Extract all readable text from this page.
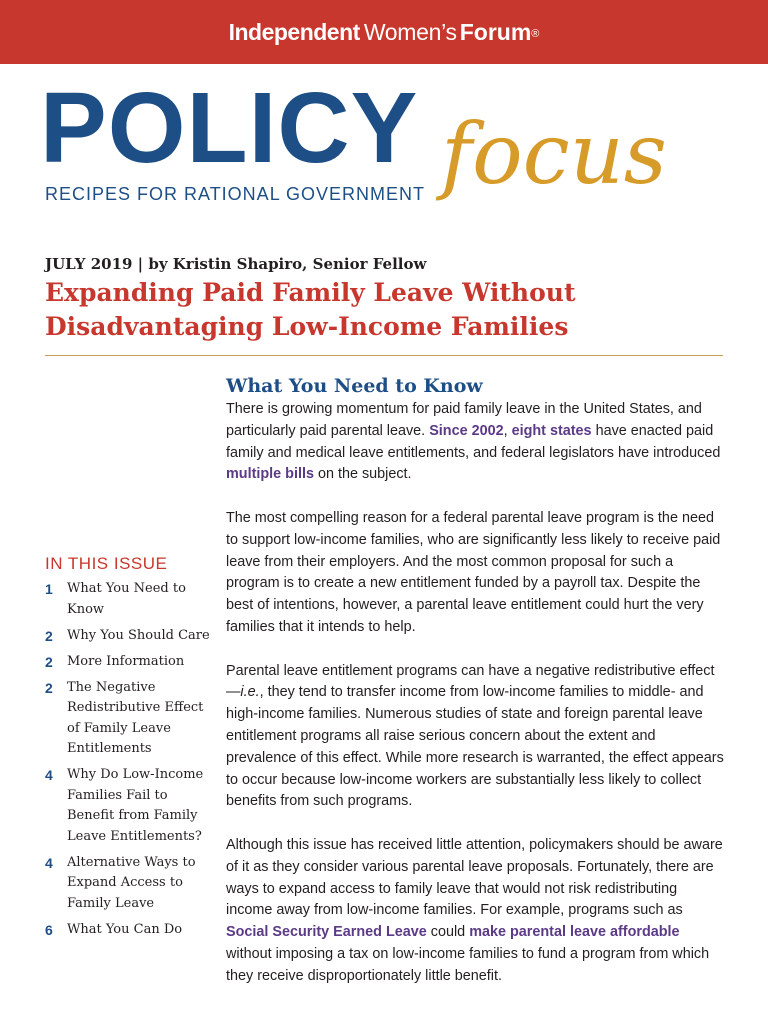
Independent Women’s Forum®
POLICY focus
RECIPES FOR RATIONAL GOVERNMENT
JULY 2019 | by Kristin Shapiro, Senior Fellow
Expanding Paid Family Leave Without Disadvantaging Low-Income Families
IN THIS ISSUE
1	What You Need to Know
2	Why You Should Care
2	More Information
2	The Negative Redistributive Effect of Family Leave Entitlements
4	Why Do Low-Income Families Fail to Benefit from Family Leave Entitlements?
4	Alternative Ways to Expand Access to Family Leave
6	What You Can Do
What You Need to Know

There is growing momentum for paid family leave in the United States, and particularly paid parental leave. Since 2002, eight states have enacted paid family and medical leave entitlements, and federal legislators have introduced multiple bills on the subject.

The most compelling reason for a federal parental leave program is the need to support low-income families, who are significantly less likely to receive paid leave from their employers. And the most common proposal for such a program is to create a new entitlement funded by a payroll tax. Despite the best of intentions, however, a parental leave entitlement could hurt the very families that it intends to help.

Parental leave entitlement programs can have a negative redistributive effect—i.e., they tend to transfer income from low-income families to middle- and high-income families. Numerous studies of state and foreign parental leave entitlement programs all raise serious concern about the extent and prevalence of this effect. While more research is warranted, the effect appears to occur because low-income workers are substantially less likely to collect benefits from such programs.

Although this issue has received little attention, policymakers should be aware of it as they consider various parental leave proposals. Fortunately, there are ways to expand access to family leave that would not risk redistributing income away from low-income families. For example, programs such as Social Security Earned Leave could make parental leave affordable without imposing a tax on low-income families to fund a program from which they receive disproportionately little benefit.
